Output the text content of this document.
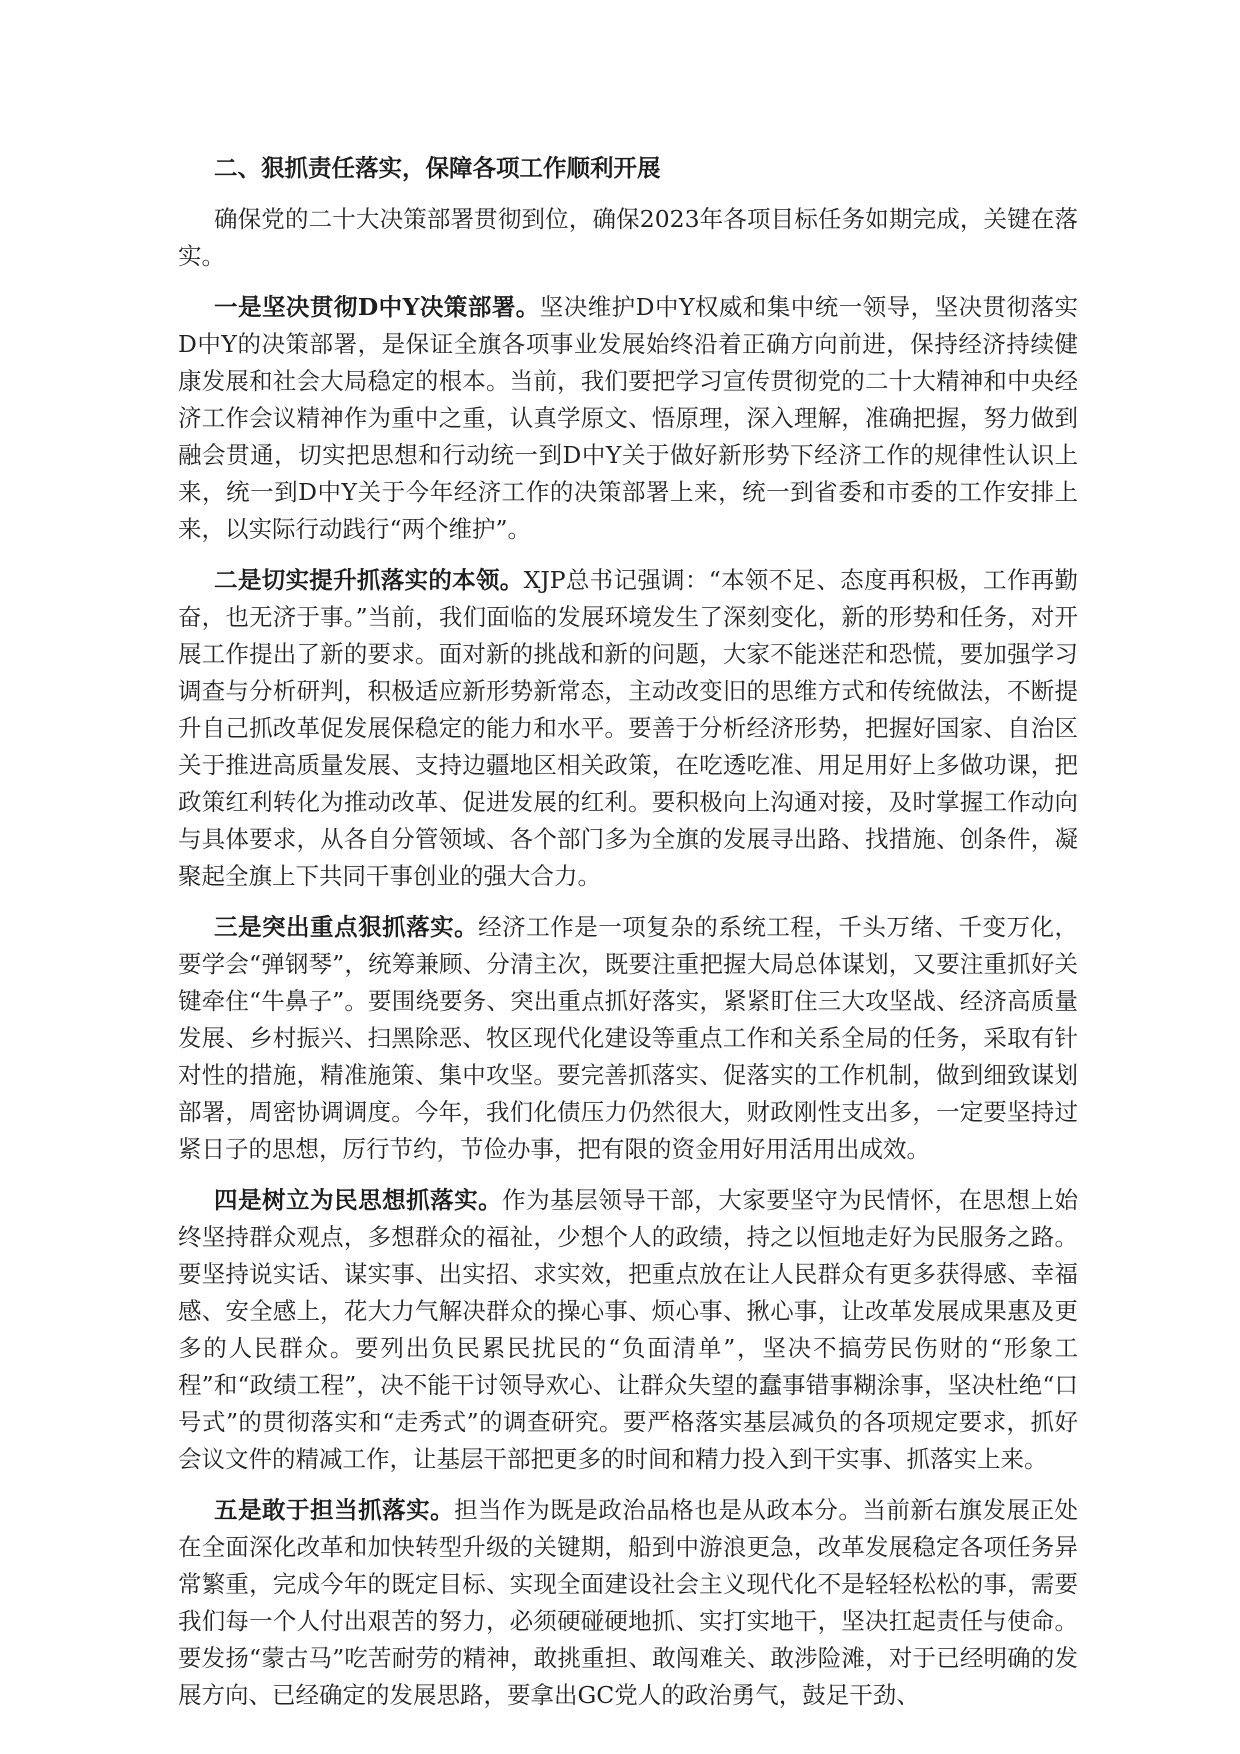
二、狠抓责任落实，保障各项工作顺利开展

确保党的二十大决策部署贯彻到位，确保2023年各项目标任务如期完成，关键在落实。

一是坚决贯彻D中Y决策部署。坚决维护D中Y权威和集中统一领导，坚决贯彻落实D中Y的决策部署，是保证全旗各项事业发展始终沿着正确方向前进，保持经济持续健康发展和社会大局稳定的根本。当前，我们要把学习宣传贯彻党的二十大精神和中央经济工作会议精神作为重中之重，认真学原文、悟原理，深入理解，准确把握，努力做到融会贯通，切实把思想和行动统一到D中Y关于做好新形势下经济工作的规律性认识上来，统一到D中Y关于今年经济工作的决策部署上来，统一到省委和市委的工作安排上来，以实际行动践行“两个维护”。

二是切实提升抓落实的本领。XJP总书记强调：“本领不足、态度再积极，工作再勤奋，也无济于事。”当前，我们面临的发展环境发生了深刻变化，新的形势和任务，对开展工作提出了新的要求。面对新的挑战和新的问题，大家不能迷茫和恐慌，要加强学习调查与分析研判，积极适应新形势新常态，主动改变旧的思维方式和传统做法，不断提升自己抓改革促发展保稳定的能力和水平。要善于分析经济形势，把握好国家、自治区关于推进高质量发展、支持边疆地区相关政策，在吃透吃准、用足用好上多做功课，把政策红利转化为推动改革、促进发展的红利。要积极向上沟通对接，及时掌握工作动向与具体要求，从各自分管领域、各个部门多为全旗的发展寻出路、找措施、创条件，凝聚起全旗上下共同干事创业的强大合力。

三是突出重点狠抓落实。经济工作是一项复杂的系统工程，千头万绪、千变万化，要学会“弹钢琴”，统筹兼顾、分清主次，既要注重把握大局总体谋划，又要注重抓好关键牵住“牛鼻子”。要围绕要务、突出重点抓好落实，紧紧盯住三大攻坚战、经济高质量发展、乡村振兴、扫黑除恶、牧区现代化建设等重点工作和关系全局的任务，采取有针对性的措施，精准施策、集中攻坚。要完善抓落实、促落实的工作机制，做到细致谋划部署，周密协调调度。今年，我们化债压力仍然很大，财政刚性支出多，一定要坚持过紧日子的思想，厉行节约，节俭办事，把有限的资金用好用活用出成效。

四是树立为民思想抓落实。作为基层领导干部，大家要坚守为民情怀，在思想上始终坚持群众观点，多想群众的福祉，少想个人的政绩，持之以恒地走好为民服务之路。要坚持说实话、谋实事、出实招、求实效，把重点放在让人民群众有更多获得感、幸福感、安全感上，花大力气解决群众的操心事、烦心事、揪心事，让改革发展成果惠及更多的人民群众。要列出负民累民扰民的“负面清单”，坚决不搞劳民伤财的“形象工程”和“政绩工程”，决不能干讨领导欢心、让群众失望的蠢事错事糊涂事，坚决杜绝“口号式”的贯彻落实和“走秀式”的调查研究。要严格落实基层减负的各项规定要求，抓好会议文件的精减工作，让基层干部把更多的时间和精力投入到干实事、抓落实上来。

五是敢于担当抓落实。担当作为既是政治品格也是从政本分。当前新右旗发展正处在全面深化改革和加快转型升级的关键期，船到中游浪更急，改革发展稳定各项任务异常繁重，完成今年的既定目标、实现全面建设社会主义现代化不是轻轻松松的事，需要我们每一个人付出艰苦的努力，必须硬碰硬地抓、实打实地干，坚决扛起责任与使命。要发扬“蒙古马”吃苦耐劳的精神，敢挑重担、敢闯难关、敢涉险滩，对于已经明确的发展方向、已经确定的发展思路，要拿出GC党人的政治勇气，鼓足干劲、
